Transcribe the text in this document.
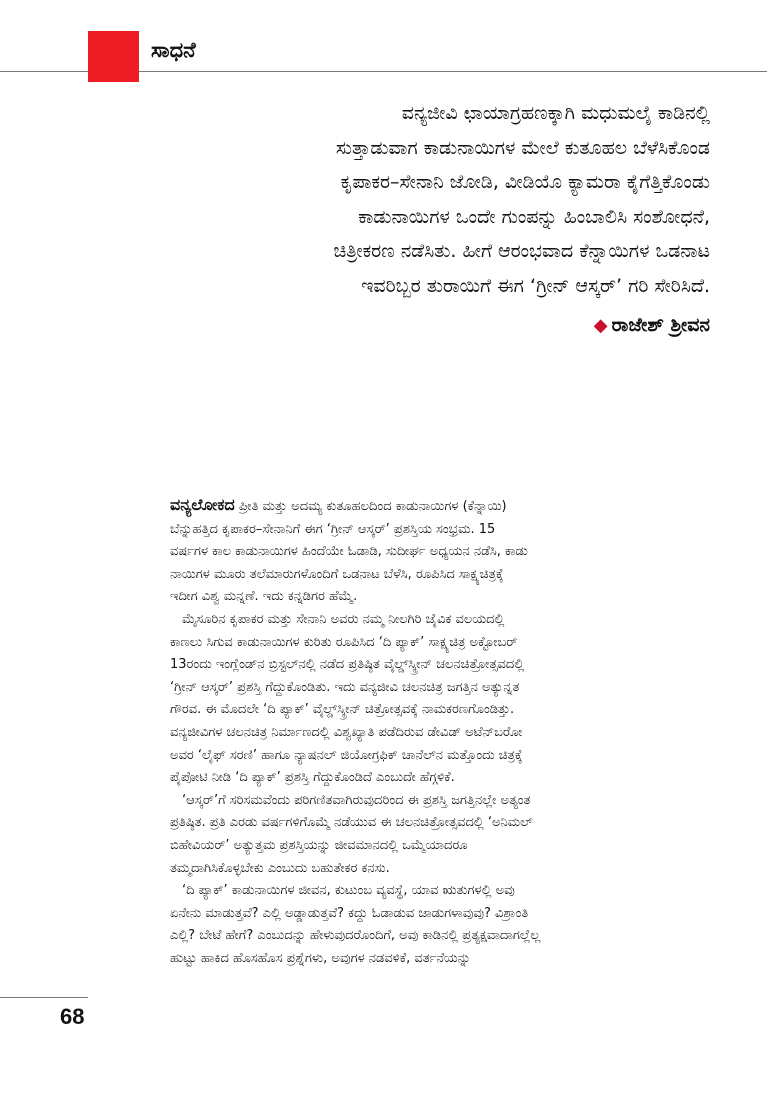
ಸಾಧನೆ
ವನ್ಯಜೀವಿ ಛಾಯಾಗ್ರಹಣಕ್ಕಾಗಿ ಮಧುಮಲೈ ಕಾಡಿನಲ್ಲಿ
ಸುತ್ತಾಡುವಾಗ ಕಾಡುನಾಯಿಗಳ ಮೇಲೆ ಕುತೂಹಲ ಬೆಳೆಸಿಕೊಂಡ
ಕೃಪಾಕರ–ಸೇನಾನಿ ಜೋಡಿ, ವೀಡಿಯೊ ಕ್ಯಾಮರಾ ಕೈಗೆತ್ತಿಕೊಂಡು
ಕಾಡುನಾಯಿಗಳ ಒಂದೇ ಗುಂಪನ್ನು ಹಿಂಬಾಲಿಸಿ ಸಂಶೋಧನೆ,
ಚಿತ್ರೀಕರಣ ನಡೆಸಿತು. ಹೀಗೆ ಆರಂಭವಾದ ಕೆನ್ನಾಯಿಗಳ ಒಡನಾಟ
ಇವರಿಬ್ಬರ ತುರಾಯಿಗೆ ಈಗ ‘ಗ್ರೀನ್ ಆಸ್ಕರ್’ ಗರಿ ಸೇರಿಸಿದೆ.
◆ ರಾಜೇಶ್ ಶ್ರೀವನ
ವನ್ಯಲೋಕದ ಪ್ರೀತಿ ಮತ್ತು ಅದಮ್ಯ ಕುತೂಹಲದಿಂದ ಕಾಡುನಾಯಿಗಳ (ಕೆನ್ನಾಯಿ)
ಬೆನ್ನುಹತ್ತಿದ ಕೃಪಾಕರ–ಸೇನಾನಿಗೆ ಈಗ ‘ಗ್ರೀನ್ ಆಸ್ಕರ್’ ಪ್ರಶಸ್ತಿಯ ಸಂಭ್ರಮ. 15
ವರ್ಷಗಳ ಕಾಲ ಕಾಡುನಾಯಿಗಳ ಹಿಂದೆಯೇ ಓಡಾಡಿ, ಸುದೀರ್ಘ ಅಧ್ಯಯನ ನಡೆಸಿ, ಕಾಡು
ನಾಯಿಗಳ ಮೂರು ತಲೆಮಾರುಗಳೊಂದಿಗೆ ಒಡನಾಟ ಬೆಳೆಸಿ, ರೂಪಿಸಿದ ಸಾಕ್ಷ್ಯಚಿತ್ರಕ್ಕೆ
ಇದೀಗ ವಿಶ್ವ ಮನ್ನಣೆ. ಇದು ಕನ್ನಡಿಗರ ಹೆಮ್ಮೆ.
ಮೈಸೂರಿನ ಕೃಪಾಕರ ಮತ್ತು ಸೇನಾನಿ ಅವರು ನಮ್ಮ ನೀಲಗಿರಿ ಜೈವಿಕ ವಲಯದಲ್ಲಿ
ಕಾಣಲು ಸಿಗುವ ಕಾಡುನಾಯಿಗಳ ಕುರಿತು ರೂಪಿಸಿದ ‘ದಿ ಪ್ಯಾಕ್’ ಸಾಕ್ಷ್ಯಚಿತ್ರ ಅಕ್ಟೋಬರ್
13ರಂದು ಇಂಗ್ಲೆಂಡ್‌ನ ಬ್ರಿಸ್ಟಲ್‌ನಲ್ಲಿ ನಡೆದ ಪ್ರತಿಷ್ಠಿತ ವೈಲ್ಡ್‌ಸ್ಕ್ರೀನ್ ಚಲನಚಿತ್ರೋತ್ಸವದಲ್ಲಿ
‘ಗ್ರೀನ್ ಆಸ್ಕರ್’ ಪ್ರಶಸ್ತಿ ಗೆದ್ದುಕೊಂಡಿತು. ಇದು ವನ್ಯಜೀವಿ ಚಲನಚಿತ್ರ ಜಗತ್ತಿನ ಅತ್ಯುನ್ನತ
ಗೌರವ. ಈ ಮೊದಲೇ ‘ದಿ ಪ್ಯಾಕ್’ ವೈಲ್ಡ್‌ಸ್ಕ್ರೀನ್ ಚಿತ್ರೋತ್ಸವಕ್ಕೆ ನಾಮಕರಣಗೊಂಡಿತ್ತು.
ವನ್ಯಜೀವಿಗಳ ಚಲನಚಿತ್ರ ನಿರ್ಮಾಣದಲ್ಲಿ ವಿಶ್ವಖ್ಯಾತಿ ಪಡೆದಿರುವ ಡೇವಿಡ್ ಅಟೆನ್‌ಬರೋ
ಅವರ ‘ಲೈಫ್ ಸರಣಿ’ ಹಾಗೂ ನ್ಯಾಷನಲ್ ಜಿಯೋಗ್ರಫಿಕ್ ಚಾನೆಲ್‌ನ ಮತ್ತೊಂದು ಚಿತ್ರಕ್ಕೆ
ಪೈಪೋಟಿ ನೀಡಿ ‘ದಿ ಪ್ಯಾಕ್’ ಪ್ರಶಸ್ತಿ ಗೆದ್ದುಕೊಂಡಿದೆ ಎಂಬುದೇ ಹೆಗ್ಗಳಿಕೆ.
‘ಆಸ್ಕರ್’ಗೆ ಸರಿಸಮವೆಂದು ಪರಿಗಣಿತವಾಗಿರುವುದರಿಂದ ಈ ಪ್ರಶಸ್ತಿ ಜಗತ್ತಿನಲ್ಲೇ ಅತ್ಯಂತ
ಪ್ರತಿಷ್ಠಿತ. ಪ್ರತಿ ಎರಡು ವರ್ಷಗಳಿಗೊಮ್ಮೆ ನಡೆಯುವ ಈ ಚಲನಚಿತ್ರೋತ್ಸವದಲ್ಲಿ ‘ಅನಿಮಲ್
ಬಿಹೇವಿಯರ್’ ಅತ್ಯುತ್ತಮ ಪ್ರಶಸ್ತಿಯನ್ನು ಜೀವಮಾನದಲ್ಲಿ ಒಮ್ಮೆಯಾದರೂ
ತಮ್ಮದಾಗಿಸಿಕೊಳ್ಳಬೇಕು ಎಂಬುದು ಬಹುತೇಕರ ಕನಸು.
‘ದಿ ಪ್ಯಾಕ್’ ಕಾಡುನಾಯಿಗಳ ಜೀವನ, ಕುಟುಂಬ ವ್ಯವಸ್ಥೆ, ಯಾವ ಋತುಗಳಲ್ಲಿ ಅವು
ಏನೇನು ಮಾಡುತ್ತವೆ? ಎಲ್ಲಿ ಅಡ್ಡಾಡುತ್ತವೆ? ಕದ್ದು ಓಡಾಡುವ ಜಾಡುಗಳಾವುವು? ವಿಶ್ರಾಂತಿ
ಎಲ್ಲಿ? ಬೇಟೆ ಹೇಗೆ? ಎಂಬುದನ್ನು ಹೇಳುವುದರೊಂದಿಗೆ, ಅವು ಕಾಡಿನಲ್ಲಿ ಪ್ರತ್ಯಕ್ಷವಾದಾಗಲ್ಲೆಲ್ಲ
ಹುಟ್ಟು ಹಾಕಿದ ಹೊಸಹೊಸ ಪ್ರಶ್ನೆಗಳು, ಅವುಗಳ ನಡವಳಿಕೆ, ವರ್ತನೆಯನ್ನು
68
